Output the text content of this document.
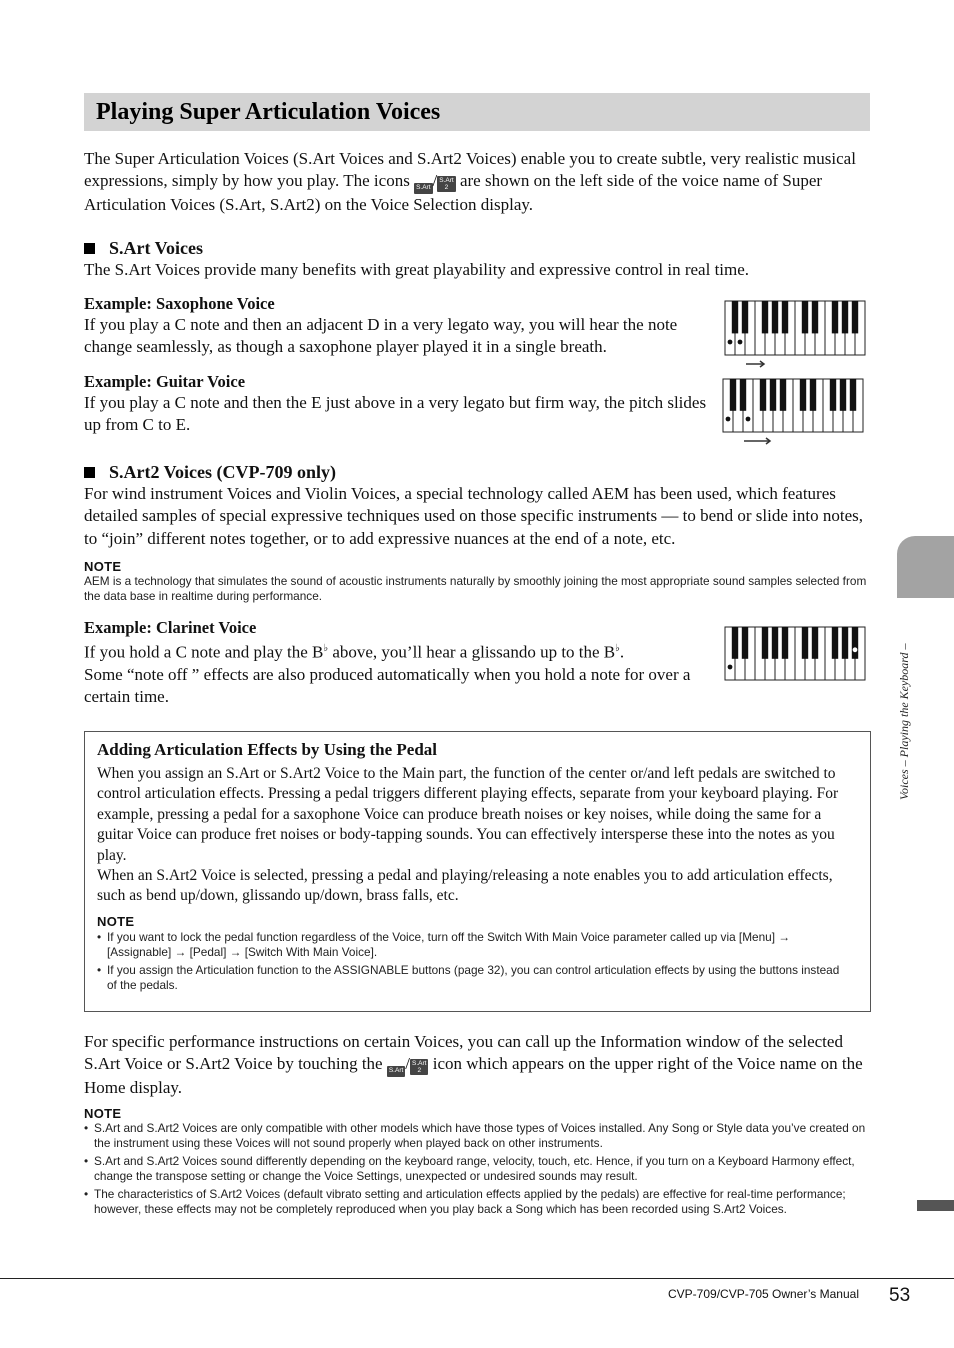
Playing Super Articulation Voices

The Super Articulation Voices (S.Art Voices and S.Art2 Voices) enable you to create subtle, very realistic musical expressions, simply by how you play. The icons S.Art / S.Art
2 are shown on the left side of the voice name of Super Articulation Voices (S.Art, S.Art2) on the Voice Selection display.

S.Art Voices

The S.Art Voices provide many benefits with great playability and expressive control in real time.

Example: Saxophone Voice

If you play a C note and then an adjacent D in a very legato way, you will hear the note change seamlessly, as though a saxophone player played it in a single breath.

Example: Guitar Voice

If you play a C note and then the E just above in a very legato but firm way, the pitch slides up from C to E.

S.Art2 Voices (CVP-709 only)

For wind instrument Voices and Violin Voices, a special technology called AEM has been used, which features detailed samples of special expressive techniques used on those specific instruments — to bend or slide into notes, to “join” different notes together, or to add expressive nuances at the end of a note, etc.

NOTE

AEM is a technology that simulates the sound of acoustic instruments naturally by smoothly joining the most appropriate sound samples selected from the data base in realtime during performance.

Example: Clarinet Voice

If you hold a C note and play the B♭ above, you’ll hear a glissando up to the B♭.
Some “note off ” effects are also produced automatically when you hold a note for over a certain time.

Adding Articulation Effects by Using the Pedal

When you assign an S.Art or S.Art2 Voice to the Main part, the function of the center or/and left pedals are switched to control articulation effects. Pressing a pedal triggers different playing effects, separate from your keyboard playing. For example, pressing a pedal for a saxophone Voice can produce breath noises or key noises, while doing the same for a guitar Voice can produce fret noises or body-tapping sounds. You can effectively intersperse these into the notes as you play.

When an S.Art2 Voice is selected, pressing a pedal and playing/releasing a note enables you to add articulation effects, such as bend up/down, glissando up/down, brass falls, etc.

NOTE

• If you want to lock the pedal function regardless of the Voice, turn off the Switch With Main Voice parameter called up via [Menu] → [Assignable] → [Pedal] → [Switch With Main Voice].

• If you assign the Articulation function to the ASSIGNABLE buttons (page 32), you can control articulation effects by using the buttons instead of the pedals.

For specific performance instructions on certain Voices, you can call up the Information window of the selected S.Art Voice or S.Art2 Voice by touching the S.Art / S.Art
2 icon which appears on the upper right of the Voice name on the Home display.

NOTE

• S.Art and S.Art2 Voices are only compatible with other models which have those types of Voices installed. Any Song or Style data you’ve created on the instrument using these Voices will not sound properly when played back on other instruments.

• S.Art and S.Art2 Voices sound differently depending on the keyboard range, velocity, touch, etc. Hence, if you turn on a Keyboard Harmony effect, change the transpose setting or change the Voice Settings, unexpected or undesired sounds may result.

• The characteristics of S.Art2 Voices (default vibrato setting and articulation effects applied by the pedals) are effective for real-time performance; however, these effects may not be completely reproduced when you play back a Song which has been recorded using S.Art2 Voices.

Voices – Playing the Keyboard –
CVP-709/CVP-705 Owner’s Manual 53
